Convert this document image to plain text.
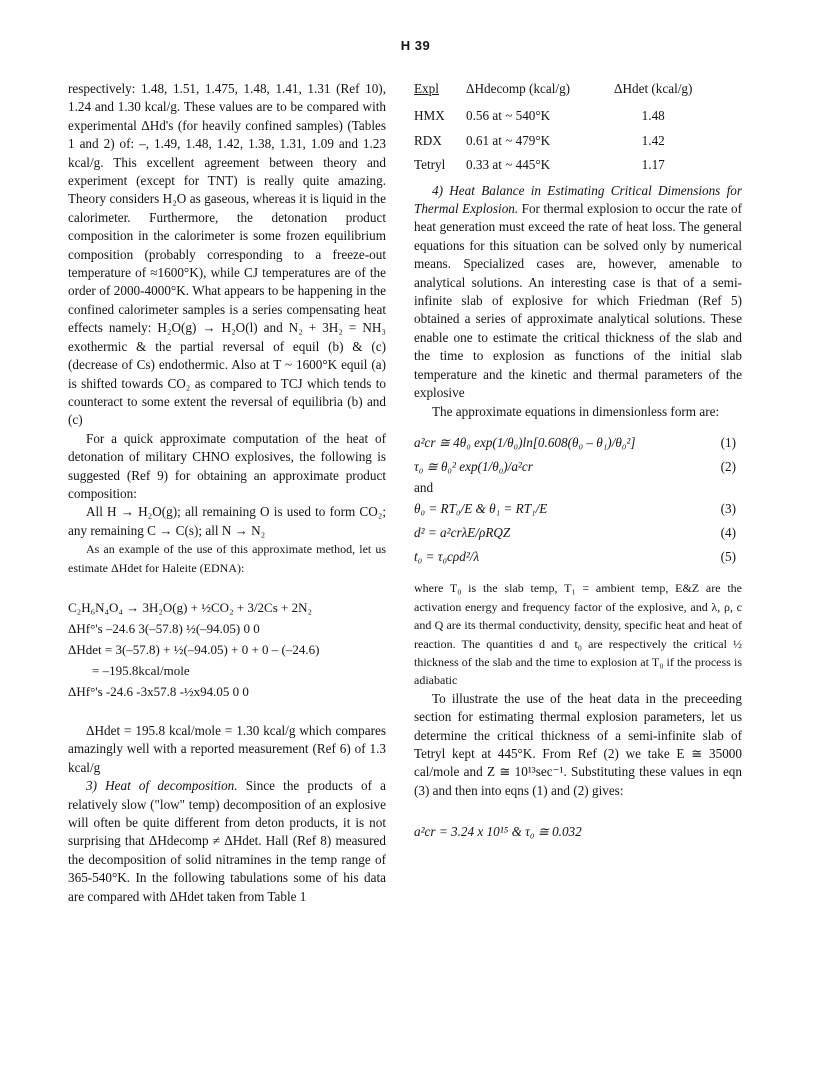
H 39

respectively: 1.48, 1.51, 1.475, 1.48, 1.41, 1.31 (Ref 10), 1.24 and 1.30 kcal/g. These values are to be compared with experimental ΔHd's (for heavily confined samples) (Tables 1 and 2) of: –, 1.49, 1.48, 1.42, 1.38, 1.31, 1.09 and 1.23 kcal/g. This excellent agreement between theory and experiment (except for TNT) is really quite amazing. Theory considers H₂O as gaseous, whereas it is liquid in the calorimeter. Furthermore, the detonation product composition in the calorimeter is some frozen equilibrium composition (probably corresponding to a freeze-out temperature of ≈1600°K), while CJ temperatures are of the order of 2000-4000°K. What appears to be happening in the confined calorimeter samples is a series compensating heat effects namely: H₂O(g) → H₂O(l) and N₂ + 3H₂ = NH₃ exothermic & the partial reversal of equil (b) & (c) (decrease of Cs) endothermic. Also at T ~ 1600°K equil (a) is shifted towards CO₂ as compared to TCJ which tends to counteract to some extent the reversal of equilibria (b) and (c)

For a quick approximate computation of the heat of detonation of military CHNO explosives, the following is suggested (Ref 9) for obtaining an approximate product composition:

All H → H₂O(g); all remaining O is used to form CO₂; any remaining C → C(s); all N → N₂

As an example of the use of this approximate method, let us estimate ΔHdet for Haleite (EDNA):

C₂H₆N₄O₄ → 3H₂O(g) + ½CO₂ + 3/2Cs + 2N₂
ΔHf°'s –24.6 3(–57.8) ½(–94.05) 0 0
ΔHdet = 3(–57.8) + ½(–94.05) + 0 + 0 – (–24.6)
= –195.8kcal/mole
ΔHf°'s -24.6 -3x57.8 -½x94.05 0 0

ΔHdet = 195.8 kcal/mole = 1.30 kcal/g which compares amazingly well with a reported measurement (Ref 6) of 1.3 kcal/g

3) Heat of decomposition. Since the products of a relatively slow ("low" temp) decomposition of an explosive will often be quite different from deton products, it is not surprising that ΔHdecomp ≠ ΔHdet. Hall (Ref 8) measured the decomposition of solid nitramines in the temp range of 365-540°K. In the following tabulations some of his data are compared with ΔHdet taken from Table 1

Expl	ΔHdecomp (kcal/g)	ΔHdet (kcal/g)
HMX	0.56 at ~ 540°K	1.48
RDX	0.61 at ~ 479°K	1.42
Tetryl	0.33 at ~ 445°K	1.17

4) Heat Balance in Estimating Critical Dimensions for Thermal Explosion. For thermal explosion to occur the rate of heat generation must exceed the rate of heat loss. The general equations for this situation can be solved only by numerical means. Specialized cases are, however, amenable to analytical solutions. An interesting case is that of a semi-infinite slab of explosive for which Friedman (Ref 5) obtained a series of approximate analytical solutions. These enable one to estimate the critical thickness of the slab and the time to explosion as functions of the initial slab temperature and the kinetic and thermal parameters of the explosive

The approximate equations in dimensionless form are:

a²cr ≅ 4θ₀ exp(1/θ₀)ln[0.608(θ₀ – θ₁)/θ₀²]	(1)
τ₀ ≅ θ₀² exp(1/θ₀)/a²cr	(2)

and

θ₀ = RT₀/E & θ₁ = RT₁/E	(3)
d² = a²crλE/ρRQZ	(4)
t₀ = τ₀cρd²/λ	(5)

where T₀ is the slab temp, T₁ = ambient temp, E&Z are the activation energy and frequency factor of the explosive, and λ, ρ, c and Q are its thermal conductivity, density, specific heat and heat of reaction. The quantities d and t₀ are respectively the critical ½ thickness of the slab and the time to explosion at T₀ if the process is adiabatic

To illustrate the use of the heat data in the preceeding section for estimating thermal explosion parameters, let us determine the critical thickness of a semi-infinite slab of Tetryl kept at 445°K. From Ref (2) we take E ≅ 35000 cal/mole and Z ≅ 10¹³sec⁻¹. Substituting these values in eqn (3) and then into eqns (1) and (2) gives:

a²cr = 3.24 x 10¹⁵ & τ₀ ≅ 0.032
